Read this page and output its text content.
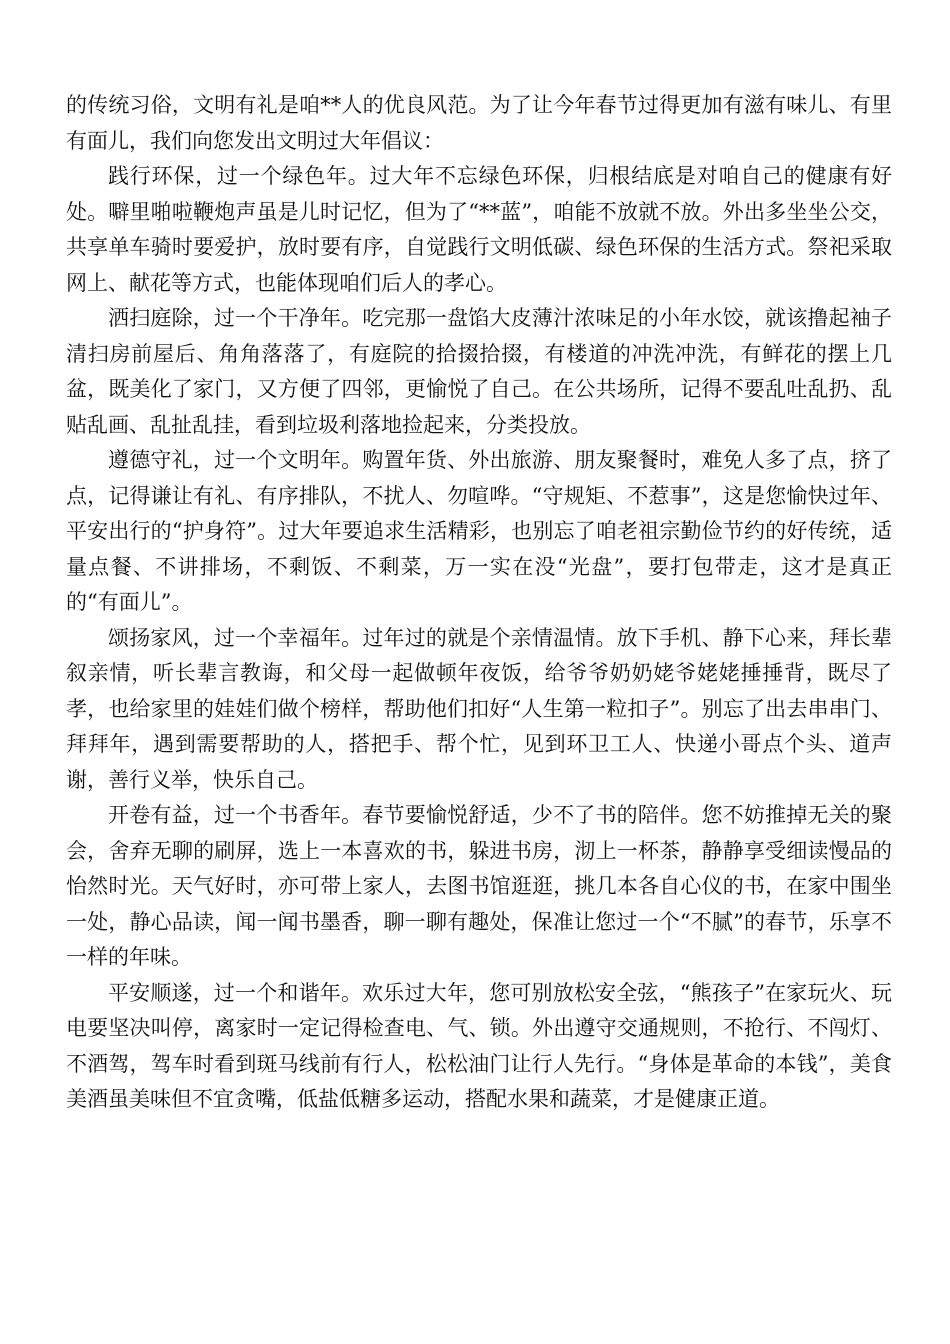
的传统习俗，文明有礼是咱**人的优良风范。为了让今年春节过得更加有滋有味儿、有里有面儿，我们向您发出文明过大年倡议：

践行环保，过一个绿色年。过大年不忘绿色环保，归根结底是对咱自己的健康有好处。噼里啪啦鞭炮声虽是儿时记忆，但为了“**蓝”，咱能不放就不放。外出多坐坐公交，共享单车骑时要爱护，放时要有序，自觉践行文明低碳、绿色环保的生活方式。祭祀采取网上、献花等方式，也能体现咱们后人的孝心。

洒扫庭除，过一个干净年。吃完那一盘馅大皮薄汁浓味足的小年水饺，就该撸起袖子清扫房前屋后、角角落落了，有庭院的拾掇拾掇，有楼道的冲洗冲洗，有鲜花的摆上几盆，既美化了家门，又方便了四邻，更愉悦了自己。在公共场所，记得不要乱吐乱扔、乱贴乱画、乱扯乱挂，看到垃圾利落地捡起来，分类投放。

遵德守礼，过一个文明年。购置年货、外出旅游、朋友聚餐时，难免人多了点，挤了点，记得谦让有礼、有序排队，不扰人、勿喧哗。“守规矩、不惹事”，这是您愉快过年、平安出行的“护身符”。过大年要追求生活精彩，也别忘了咱老祖宗勤俭节约的好传统，适量点餐、不讲排场，不剩饭、不剩菜，万一实在没“光盘”，要打包带走，这才是真正的“有面儿”。

颂扬家风，过一个幸福年。过年过的就是个亲情温情。放下手机、静下心来，拜长辈叙亲情，听长辈言教诲，和父母一起做顿年夜饭，给爷爷奶奶姥爷姥姥捶捶背，既尽了孝，也给家里的娃娃们做个榜样，帮助他们扣好“人生第一粒扣子”。别忘了出去串串门、拜拜年，遇到需要帮助的人，搭把手、帮个忙，见到环卫工人、快递小哥点个头、道声谢，善行义举，快乐自己。

开卷有益，过一个书香年。春节要愉悦舒适，少不了书的陪伴。您不妨推掉无关的聚会，舍弃无聊的刷屏，选上一本喜欢的书，躲进书房，沏上一杯茶，静静享受细读慢品的怡然时光。天气好时，亦可带上家人，去图书馆逛逛，挑几本各自心仪的书，在家中围坐一处，静心品读，闻一闻书墨香，聊一聊有趣处，保准让您过一个“不腻”的春节，乐享不一样的年味。

平安顺遂，过一个和谐年。欢乐过大年，您可别放松安全弦，“熊孩子”在家玩火、玩电要坚决叫停，离家时一定记得检查电、气、锁。外出遵守交通规则，不抢行、不闯灯、不酒驾，驾车时看到斑马线前有行人，松松油门让行人先行。“身体是革命的本钱”，美食美酒虽美味但不宜贪嘴，低盐低糖多运动，搭配水果和蔬菜，才是健康正道。
